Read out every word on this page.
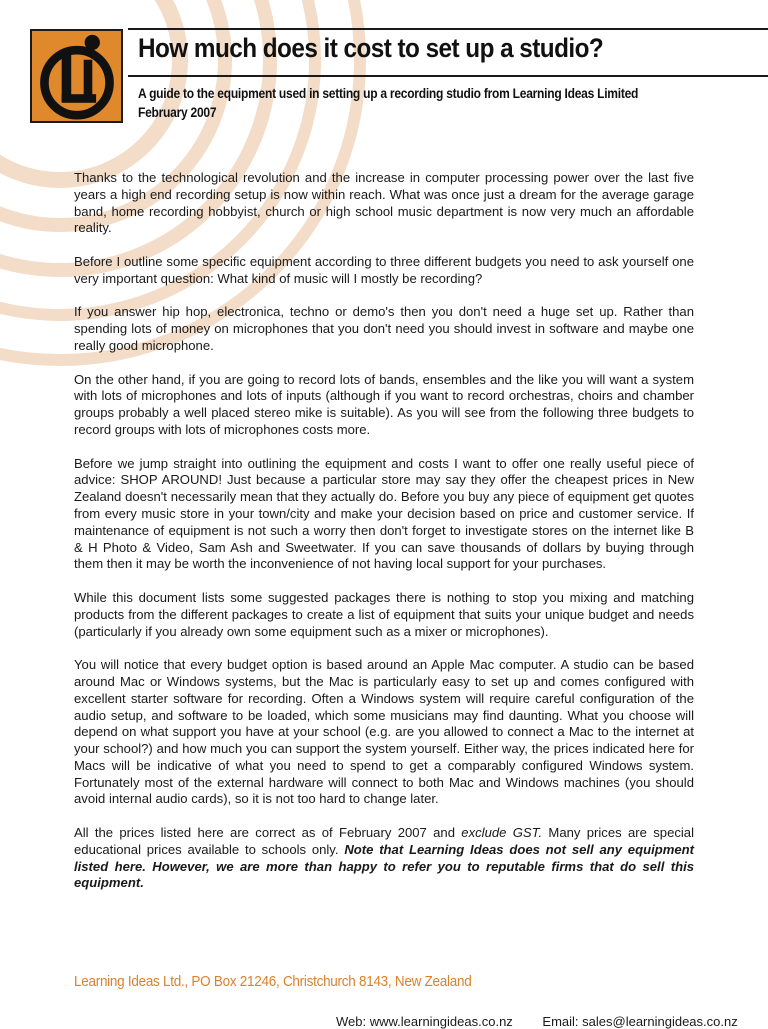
How much does it cost to set up a studio?
A guide to the equipment used in setting up a recording studio from Learning Ideas Limited
February 2007

Thanks to the technological revolution and the increase in computer processing power over the last five years a high end recording setup is now within reach. What was once just a dream for the average garage band, home recording hobbyist, church or high school music department is now very much an affordable reality.

Before I outline some specific equipment according to three different budgets you need to ask yourself one very important question: What kind of music will I mostly be recording?

If you answer hip hop, electronica, techno or demo's then you don't need a huge set up. Rather than spending lots of money on microphones that you don't need you should invest in software and maybe one really good microphone.

On the other hand, if you are going to record lots of bands, ensembles and the like you will want a system with lots of microphones and lots of inputs (although if you want to record orchestras, choirs and chamber groups probably a well placed stereo mike is suitable). As you will see from the following three budgets to record groups with lots of microphones costs more.

Before we jump straight into outlining the equipment and costs I want to offer one really useful piece of advice: SHOP AROUND! Just because a particular store may say they offer the cheapest prices in New Zealand doesn't necessarily mean that they actually do. Before you buy any piece of equipment get quotes from every music store in your town/city and make your decision based on price and customer service. If maintenance of equipment is not such a worry then don't forget to investigate stores on the internet like B & H Photo & Video, Sam Ash and Sweetwater. If you can save thousands of dollars by buying through them then it may be worth the inconvenience of not having local support for your purchases.

While this document lists some suggested packages there is nothing to stop you mixing and matching products from the different packages to create a list of equipment that suits your unique budget and needs (particularly if you already own some equipment such as a mixer or microphones).

You will notice that every budget option is based around an Apple Mac computer. A studio can be based around Mac or Windows systems, but the Mac is particularly easy to set up and comes configured with excellent starter software for recording. Often a Windows system will require careful configuration of the audio setup, and software to be loaded, which some musicians may find daunting. What you choose will depend on what support you have at your school (e.g. are you allowed to connect a Mac to the internet at your school?) and how much you can support the system yourself. Either way, the prices indicated here for Macs will be indicative of what you need to spend to get a comparably configured Windows system. Fortunately most of the external hardware will connect to both Mac and Windows machines (you should avoid internal audio cards), so it is not too hard to change later.

All the prices listed here are correct as of February 2007 and exclude GST. Many prices are special educational prices available to schools only. Note that Learning Ideas does not sell any equipment listed here. However, we are more than happy to refer you to reputable firms that do sell this equipment.

Learning Ideas Ltd., PO Box 21246, Christchurch 8143, New Zealand
Web: www.learningideas.co.nz Email: sales@learningideas.co.nz
